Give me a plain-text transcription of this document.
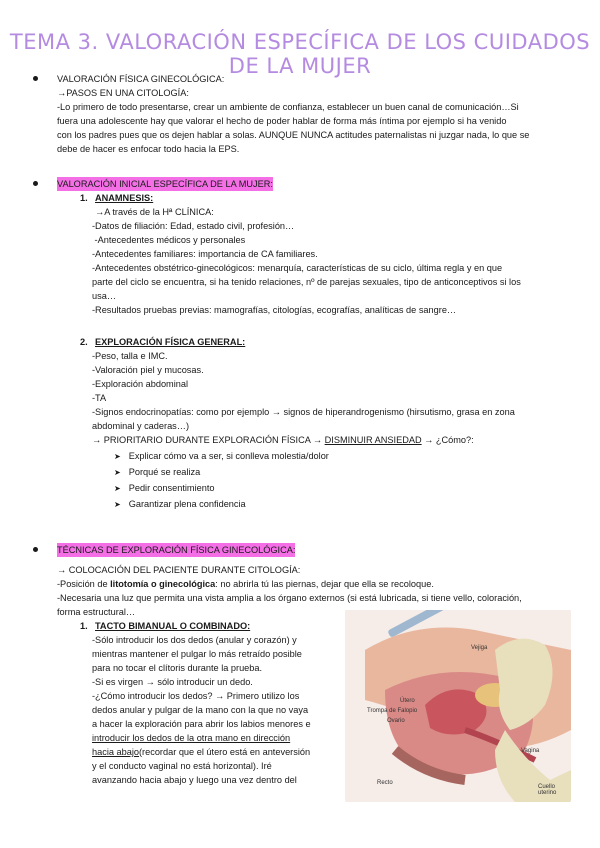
TEMA 3. VALORACIÓN ESPECÍFICA DE LOS CUIDADOS DE LA MUJER
VALORACIÓN FÍSICA GINECOLÓGICA:
→PASOS EN UNA CITOLOGÍA:
-Lo primero de todo presentarse, crear un ambiente de confianza, establecer un buen canal de comunicación…Si
fuera una adolescente hay que valorar el hecho de poder hablar de forma más íntima por ejemplo si ha venido
con los padres pues que os dejen hablar a solas. AUNQUE NUNCA actitudes paternalistas ni juzgar nada, lo que se
debe de hacer es enfocar todo hacia la EPS.
VALORACIÓN INICIAL ESPECÍFICA DE LA MUJER:
1. ANAMNESIS:
→A través de la Hª CLÍNICA:
-Datos de filiación: Edad, estado civil, profesión…
-Antecedentes médicos y personales
-Antecedentes familiares: importancia de CA familiares.
-Antecedentes obstétrico-ginecológicos: menarquía, características de su ciclo, última regla y en que
parte del ciclo se encuentra, si ha tenido relaciones, nº de parejas sexuales, tipo de anticonceptivos si los
usa…
-Resultados pruebas previas: mamografías, citologías, ecografías, analíticas de sangre…
2. EXPLORACIÓN FÍSICA GENERAL:
-Peso, talla e IMC.
-Valoración piel y mucosas.
-Exploración abdominal
-TA
-Signos endocrinopatías: como por ejemplo → signos de hiperandrogenismo (hirsutismo, grasa en zona
abdominal y caderas…)
→ PRIORITARIO DURANTE EXPLORACIÓN FÍSICA → DISMINUIR ANSIEDAD → ¿Cómo?:
➤ Explicar cómo va a ser, si conlleva molestia/dolor
➤ Porqué se realiza
➤ Pedir consentimiento
➤ Garantizar plena confidencia
TÉCNICAS DE EXPLORACIÓN FÍSICA GINECOLÓGICA:
→ COLOCACIÓN DEL PACIENTE DURANTE CITOLOGÍA:
-Posición de litotomía o ginecológica: no abrirla tú las piernas, dejar que ella se recoloque.
-Necesaria una luz que permita una vista amplia a los órgano externos (si está lubricada, si tiene vello, coloración,
forma estructural…
1. TACTO BIMANUAL O COMBINADO:
-Sólo introducir los dos dedos (anular y corazón) y
mientras mantener el pulgar lo más retraído posible
para no tocar el clítoris durante la prueba.
-Si es virgen → sólo introducir un dedo.
-¿Cómo introducir los dedos? → Primero utilizo los
dedos anular y pulgar de la mano con la que no vaya
a hacer la exploración para abrir los labios menores e
introducir los dedos de la otra mano en dirección
hacia abajo(recordar que el útero está en anteversión
y el conducto vaginal no está horizontal). Iré
avanzando hacia abajo y luego una vez dentro del
Vejiga
Útero
Trompa de Falopio
Ovario
Recto
Vagina
Cuello uterino
